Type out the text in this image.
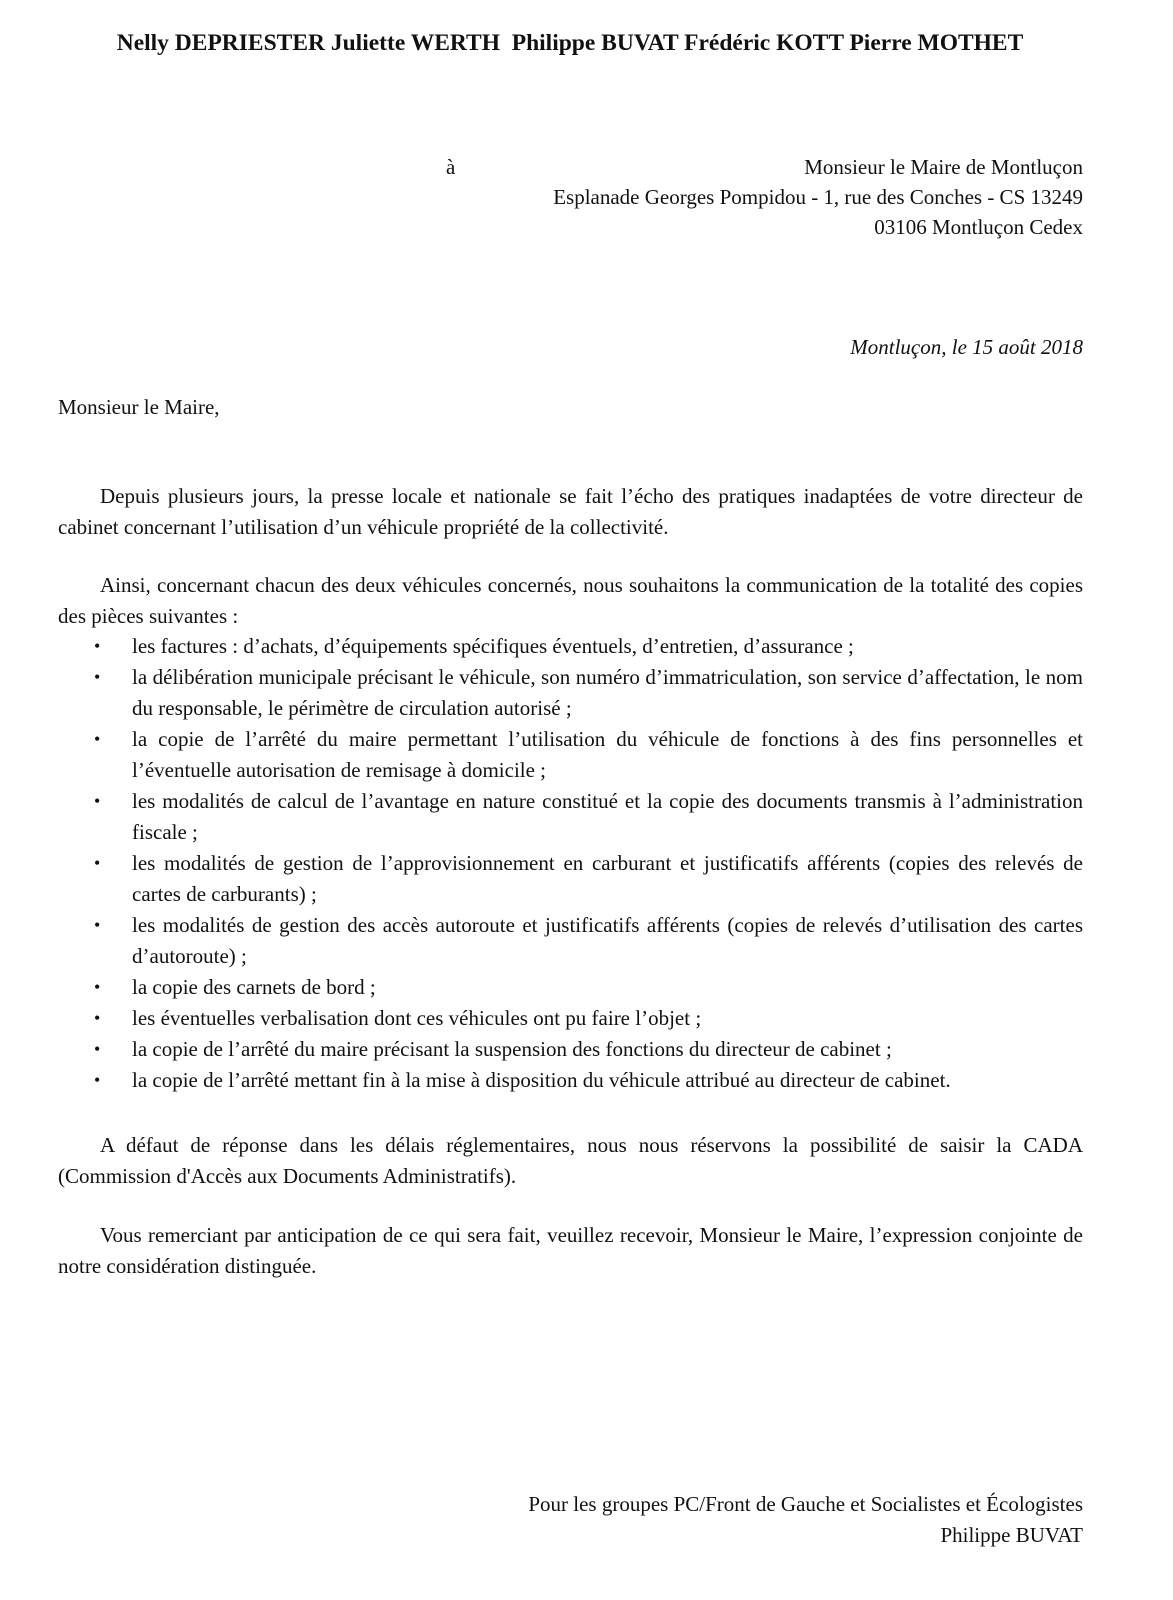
Nelly DEPRIESTER Juliette WERTH  Philippe BUVAT Frédéric KOTT Pierre MOTHET
à	Monsieur le Maire de Montluçon
Esplanade Georges Pompidou - 1, rue des Conches - CS 13249
03106 Montluçon Cedex
Montluçon, le 15 août 2018
Monsieur le Maire,

Depuis plusieurs jours, la presse locale et nationale se fait l’écho des pratiques inadaptées de votre directeur de cabinet concernant l’utilisation d’un véhicule propriété de la collectivité.

Ainsi, concernant chacun des deux véhicules concernés, nous souhaitons la communication de la totalité des copies des pièces suivantes :

• les factures : d’achats, d’équipements spécifiques éventuels, d’entretien, d’assurance ;
• la délibération municipale précisant le véhicule, son numéro d’immatriculation, son service d’affectation, le nom du responsable, le périmètre de circulation autorisé ;
• la copie de l’arrêté du maire permettant l’utilisation du véhicule de fonctions à des fins personnelles et l’éventuelle autorisation de remisage à domicile ;
• les modalités de calcul de l’avantage en nature constitué et la copie des documents transmis à l’administration fiscale ;
• les modalités de gestion de l’approvisionnement en carburant et justificatifs afférents (copies des relevés de cartes de carburants) ;
• les modalités de gestion des accès autoroute et justificatifs afférents (copies de relevés d’utilisation des cartes d’autoroute) ;
• la copie des carnets de bord ;
• les éventuelles verbalisation dont ces véhicules ont pu faire l’objet ;
• la copie de l’arrêté du maire précisant la suspension des fonctions du directeur de cabinet ;
• la copie de l’arrêté mettant fin à la mise à disposition du véhicule attribué au directeur de cabinet.

A défaut de réponse dans les délais réglementaires, nous nous réservons la possibilité de saisir la CADA (Commission d'Accès aux Documents Administratifs).

Vous remerciant par anticipation de ce qui sera fait, veuillez recevoir, Monsieur le Maire, l’expression conjointe de notre considération distinguée.

Pour les groupes PC/Front de Gauche et Socialistes et Écologistes
Philippe BUVAT
